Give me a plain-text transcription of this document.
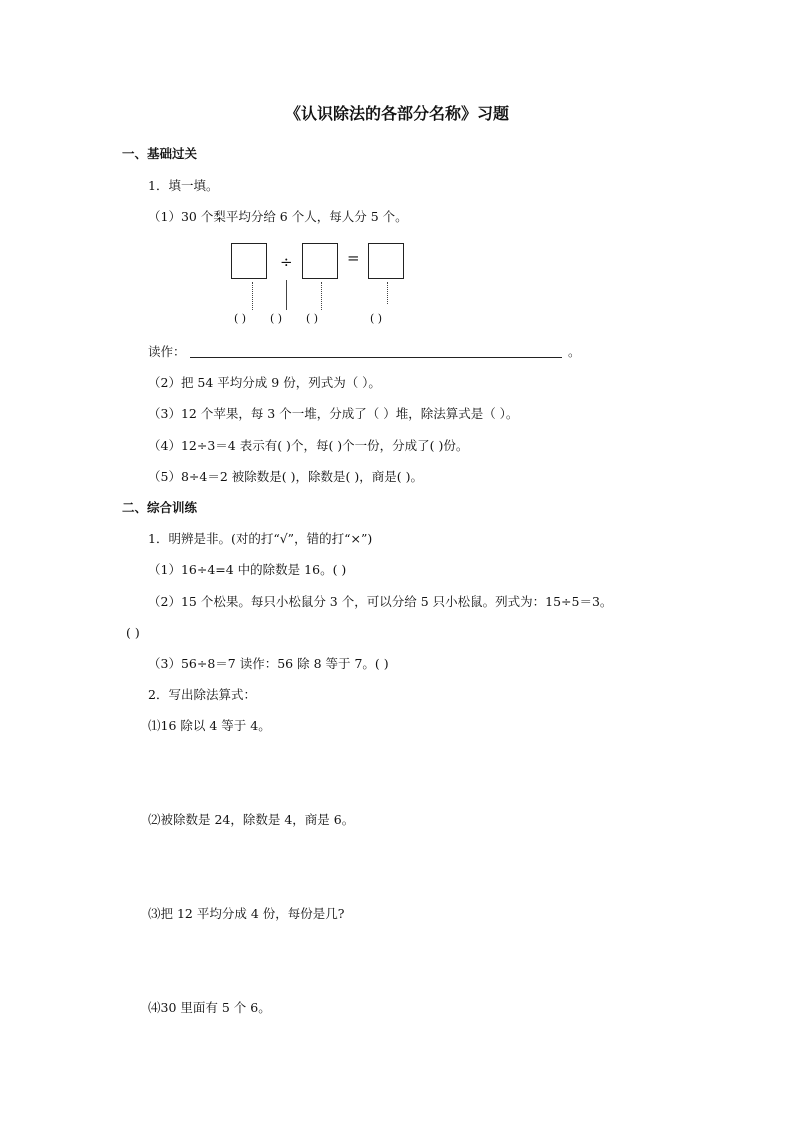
《认识除法的各部分名称》习题
一、基础过关
1．填一填。
（1）30 个梨平均分给 6 个人，每人分 5 个。
÷	=
( ) ( ) ( )	( )
读作：	。
（2）把 54 平均分成 9 份，列式为（ ）。
（3）12 个苹果，每 3 个一堆，分成了（ ）堆，除法算式是（ ）。
（4）12÷3＝4 表示有( )个，每( )个一份，分成了( )份。
（5）8÷4＝2 被除数是( )，除数是( )，商是( )。
二、综合训练
1．明辨是非。(对的打“√”，错的打“×”)
（1）16÷4=4 中的除数是 16。( )
（2）15 个松果。每只小松鼠分 3 个，可以分给 5 只小松鼠。列式为：15÷5＝3。
( )
（3）56÷8＝7 读作：56 除 8 等于 7。( )
2．写出除法算式：
⑴16 除以 4 等于 4。
⑵被除数是 24，除数是 4，商是 6。
⑶把 12 平均分成 4 份，每份是几?
⑷30 里面有 5 个 6。
